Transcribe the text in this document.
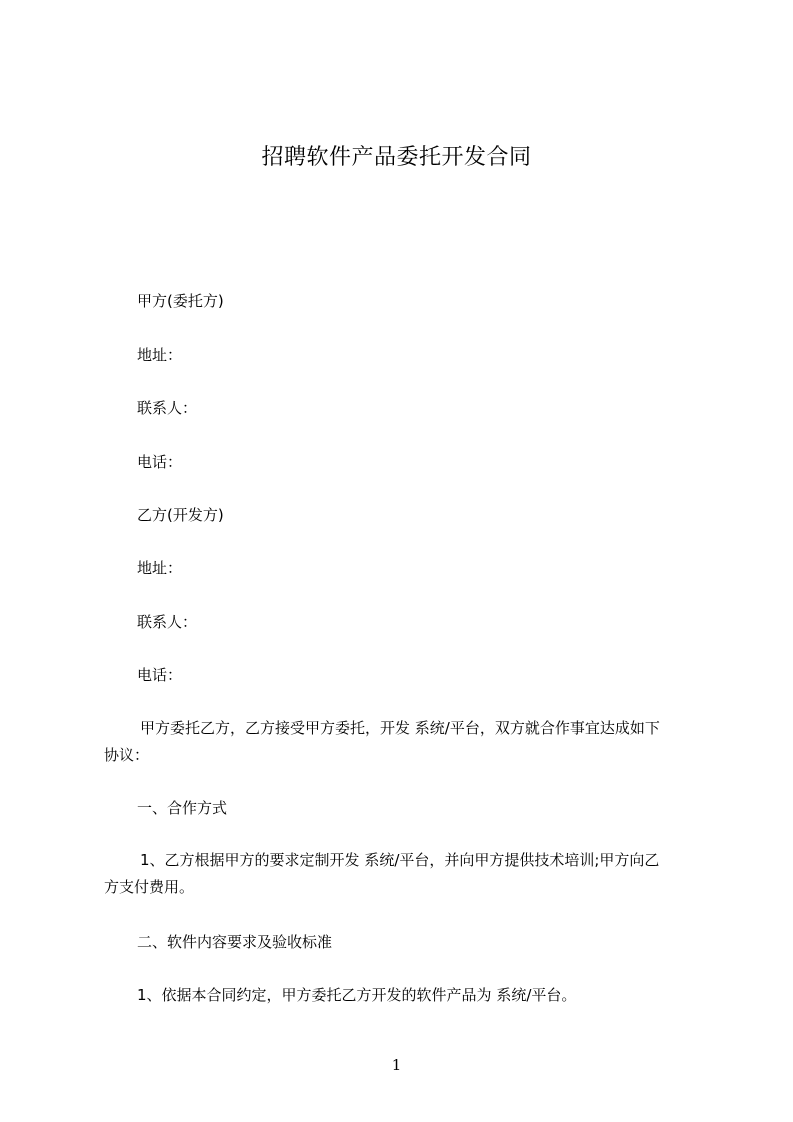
招聘软件产品委托开发合同
甲方(委托方)
地址：
联系人：
电话：
乙方(开发方)
地址：
联系人：
电话：
甲方委托乙方，乙方接受甲方委托，开发 系统/平台，双方就合作事宜达成如下
协议：
一、合作方式
1、乙方根据甲方的要求定制开发 系统/平台，并向甲方提供技术培训;甲方向乙
方支付费用。
二、软件内容要求及验收标准
1、依据本合同约定，甲方委托乙方开发的软件产品为 系统/平台。
1
